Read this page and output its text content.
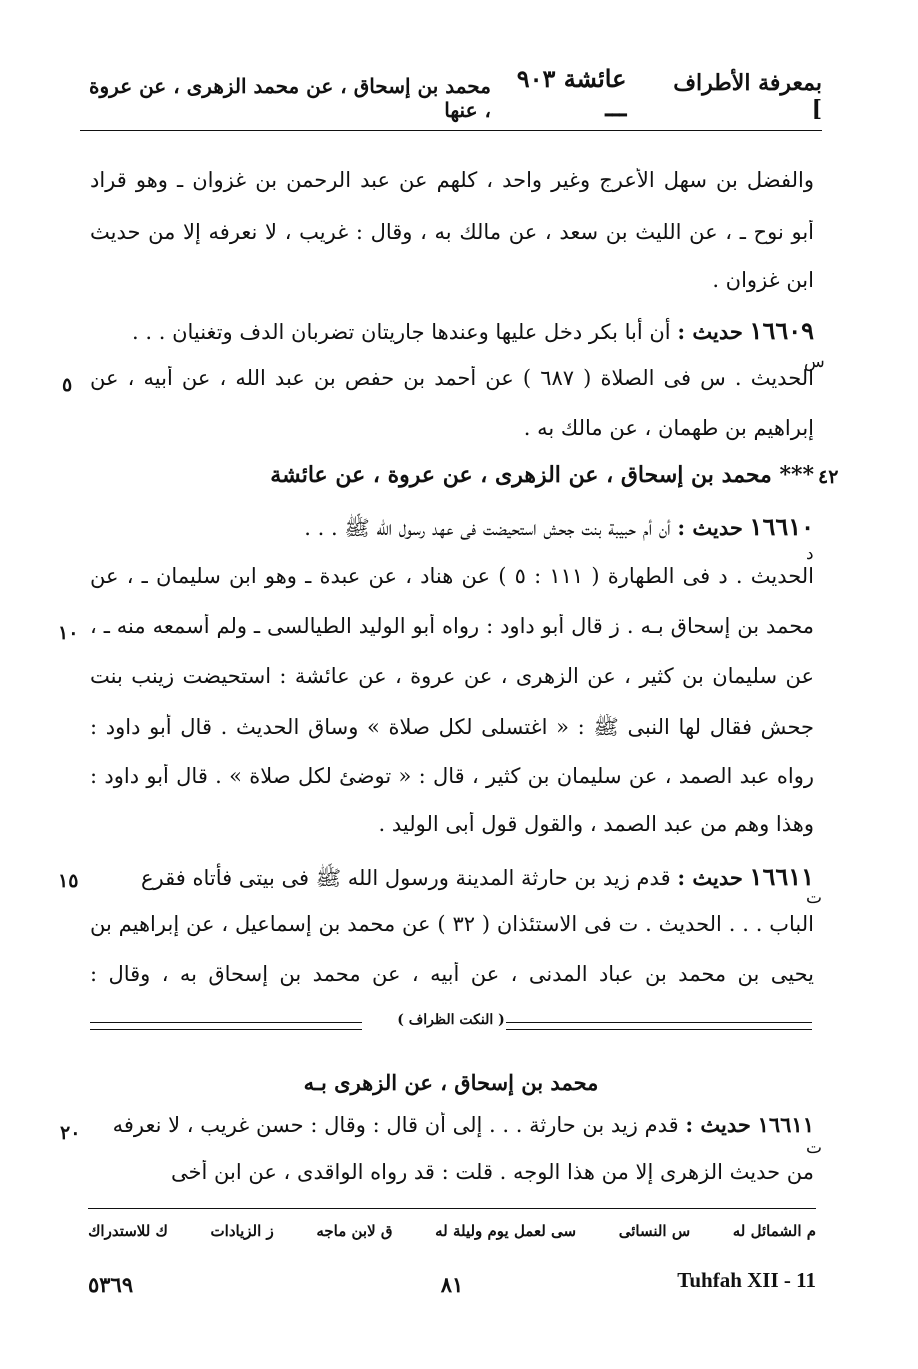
بمعرفة الأطراف ]
عائشة ٩٠٣ ـــ
محمد بن إسحاق ، عن محمد الزهرى ، عن عروة ، عنها
والفضل بن سهل الأعرج وغير واحد ، كلهم عن عبد الرحمن بن غزوان ـ وهو قراد
أبو نوح ـ ، عن الليث بن سعد ، عن مالك به ، وقال : غريب ، لا نعرفه إلا من حديث
ابن غزوان .
١٦٦٠٩ حديث : أن أبا بكر دخل عليها وعندها جاريتان تضربان الدف وتغنيان . . .
س
الحديث . س فى الصلاة ( ٦٨٧ ) عن أحمد بن حفص بن عبد الله ، عن أبيه ، عن
٥
إبراهيم بن طهمان ، عن مالك به .
٤٢
*** محمد بن إسحاق ، عن الزهرى ، عن عروة ، عن عائشة
١٦٦١٠ حديث : أن أم حبيبة بنت جحش استحيضت فى عهد رسول الله ﷺ . . .
د
الحديث . د فى الطهارة ( ١١١ : ٥ ) عن هناد ، عن عبدة ـ وهو ابن سليمان ـ ، عن
محمد بن إسحاق بـه . ز قال أبو داود : رواه أبو الوليد الطيالسى ـ ولم أسمعه منه ـ ،
١٠
عن سليمان بن كثير ، عن الزهرى ، عن عروة ، عن عائشة : استحيضت زينب بنت
جحش فقال لها النبى ﷺ : « اغتسلى لكل صلاة » وساق الحديث . قال أبو داود :
رواه عبد الصمد ، عن سليمان بن كثير ، قال : « توضئ لكل صلاة » . قال أبو داود :
وهذا وهم من عبد الصمد ، والقول قول أبى الوليد .
١٦٦١١ حديث : قدم زيد بن حارثة المدينة ورسول الله ﷺ فى بيتى فأتاه فقرع
١٥
ت
الباب . . . الحديث . ت فى الاستئذان ( ٣٢ ) عن محمد بن إسماعيل ، عن إبراهيم بن
يحيى بن محمد بن عباد المدنى ، عن أبيه ، عن محمد بن إسحاق به ، وقال :
( النكت الظراف )
محمد بن إسحاق ، عن الزهرى بـه
١٦٦١١ حديث : قدم زيد بن حارثة . . . إلى أن قال : وقال : حسن غريب ، لا نعرفه
٢٠
ت
من حديث الزهرى إلا من هذا الوجه . قلت : قد رواه الواقدى ، عن ابن أخى
م الشمائل له
س النسائى
سى لعمل يوم وليلة له
ق لابن ماجه
ز الزيادات
ك للاستدراك
٥٣٦٩	٨١	Tuhfah XII - 11
